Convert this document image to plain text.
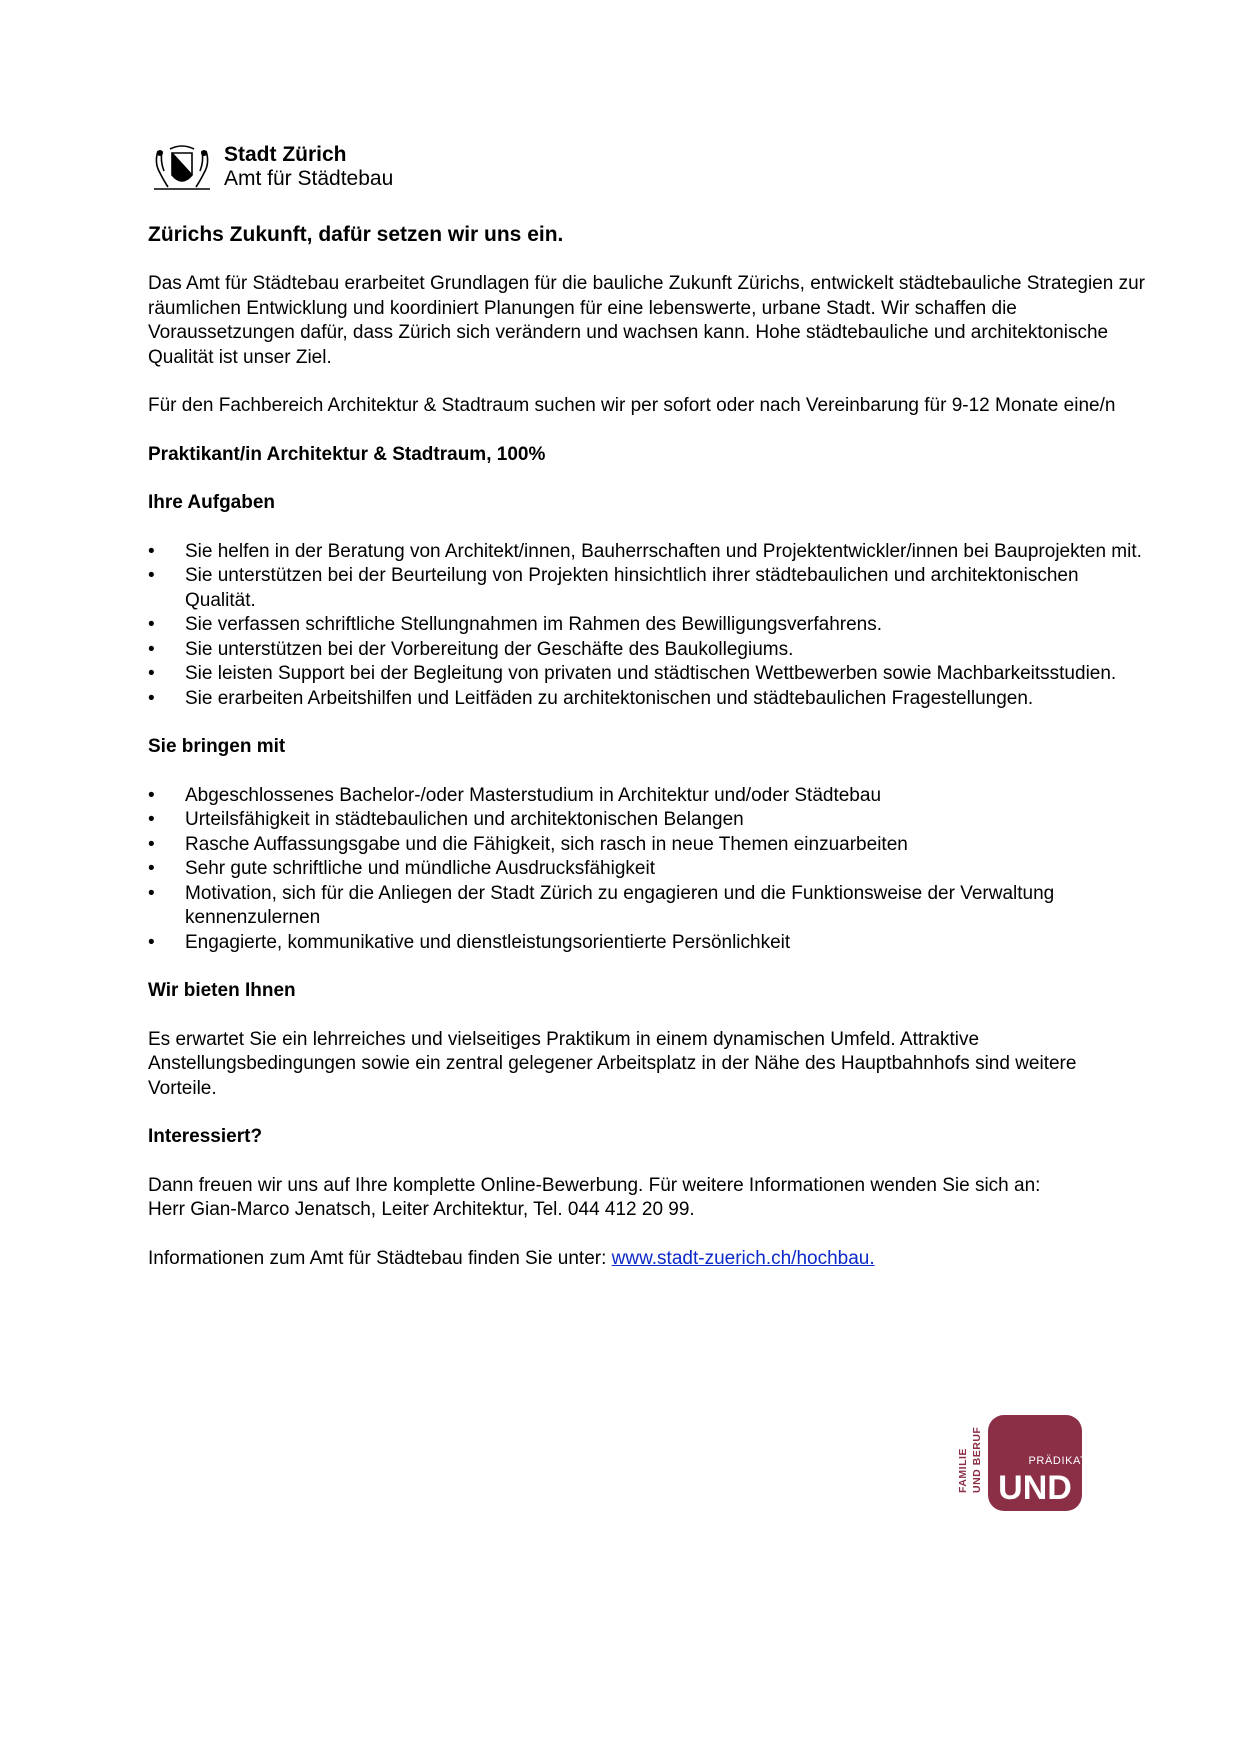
Stadt Zürich
Amt für Städtebau
Zürichs Zukunft, dafür setzen wir uns ein.

Das Amt für Städtebau erarbeitet Grundlagen für die bauliche Zukunft Zürichs, entwickelt städtebauliche Strategien zur räumlichen Entwicklung und koordiniert Planungen für eine lebenswerte, urbane Stadt. Wir schaffen die Voraussetzungen dafür, dass Zürich sich verändern und wachsen kann. Hohe städtebauliche und architektonische Qualität ist unser Ziel.

Für den Fachbereich Architektur & Stadtraum suchen wir per sofort oder nach Vereinbarung für 9-12 Monate eine/n

Praktikant/in Architektur & Stadtraum, 100%

Ihre Aufgaben

• Sie helfen in der Beratung von Architekt/innen, Bauherrschaften und Projektentwickler/innen bei Bauprojekten mit.
• Sie unterstützen bei der Beurteilung von Projekten hinsichtlich ihrer städtebaulichen und architektonischen Qualität.
• Sie verfassen schriftliche Stellungnahmen im Rahmen des Bewilligungsverfahrens.
• Sie unterstützen bei der Vorbereitung der Geschäfte des Baukollegiums.
• Sie leisten Support bei der Begleitung von privaten und städtischen Wettbewerben sowie Machbarkeitsstudien.
• Sie erarbeiten Arbeitshilfen und Leitfäden zu architektonischen und städtebaulichen Fragestellungen.

Sie bringen mit

• Abgeschlossenes Bachelor-/oder Masterstudium in Architektur und/oder Städtebau
• Urteilsfähigkeit in städtebaulichen und architektonischen Belangen
• Rasche Auffassungsgabe und die Fähigkeit, sich rasch in neue Themen einzuarbeiten
• Sehr gute schriftliche und mündliche Ausdrucksfähigkeit
• Motivation, sich für die Anliegen der Stadt Zürich zu engagieren und die Funktionsweise der Verwaltung kennenzulernen
• Engagierte, kommunikative und dienstleistungsorientierte Persönlichkeit

Wir bieten Ihnen

Es erwartet Sie ein lehrreiches und vielseitiges Praktikum in einem dynamischen Umfeld. Attraktive Anstellungsbedingungen sowie ein zentral gelegener Arbeitsplatz in der Nähe des Hauptbahnhofs sind weitere Vorteile.

Interessiert?

Dann freuen wir uns auf Ihre komplette Online-Bewerbung. Für weitere Informationen wenden Sie sich an:
Herr Gian-Marco Jenatsch, Leiter Architektur, Tel. 044 412 20 99.

Informationen zum Amt für Städtebau finden Sie unter: www.stadt-zuerich.ch/hochbau.

FAMILIE UND BERUF	PRÄDIKAT
UND
